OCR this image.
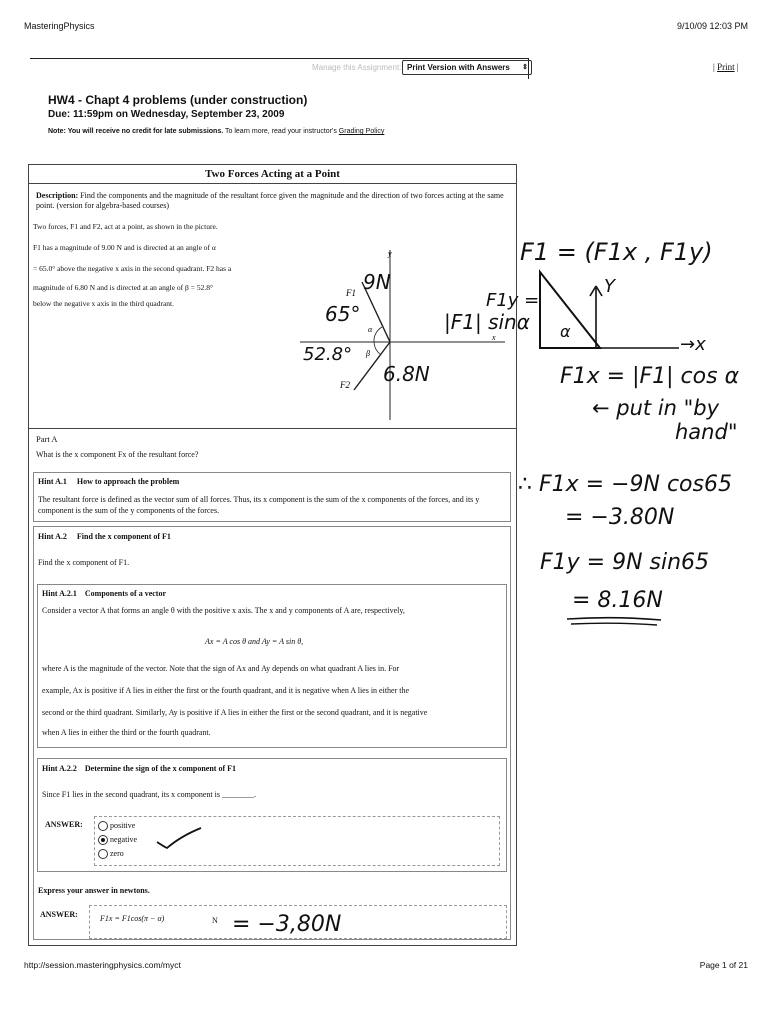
MasteringPhysics	9/10/09 12:03 PM
Manage this Assignment: Print Version with Answers ⇕	| Print |
HW4 - Chapt 4 problems (under construction)
Due: 11:59pm on Wednesday, September 23, 2009
Note: You will receive no credit for late submissions. To learn more, read your instructor's Grading Policy
Two Forces Acting at a Point
Description: Find the components and the magnitude of the resultant force given the magnitude and the direction of two forces acting at the same point. (version for algebra-based courses)
Two forces, F1 and F2, act at a point, as shown in the picture.
F1 has a magnitude of 9.00 N and is directed at an angle of α
= 65.0° above the negative x axis in the second quadrant. F2 has a
magnitude of 6.80 N and is directed at an angle of β = 52.8°
below the negative x axis in the third quadrant.
F1
F2
α
β
x
y
9N
65°
52.8°
6.8N
|F1| sinα
F1 = (F1x , F1y)
F1y =
α
Y
→x
F1x = |F1| cos α
← put in "by
hand"
∴ F1x = −9N cos65
= −3.80N
F1y = 9N sin65
= 8.16N
Part A
What is the x component Fx of the resultant force?
Hint A.1 How to approach the problem
The resultant force is defined as the vector sum of all forces. Thus, its x component is the sum of the x components of the forces, and its y component is the sum of the y components of the forces.
Hint A.2 Find the x component of F1
Find the x component of F1.
Hint A.2.1 Components of a vector
Consider a vector A that forms an angle θ with the positive x axis. The x and y components of A are, respectively,
Ax = A cos θ and Ay = A sin θ,
where A is the magnitude of the vector. Note that the sign of Ax and Ay depends on what quadrant A lies in. For
example, Ax is positive if A lies in either the first or the fourth quadrant, and it is negative when A lies in either the
second or the third quadrant. Similarly, Ay is positive if A lies in either the first or the second quadrant, and it is negative
when A lies in either the third or the fourth quadrant.
Hint A.2.2 Determine the sign of the x component of F1
Since F1 lies in the second quadrant, its x component is ________.
ANSWER:	positive
negative
zero
Express your answer in newtons.
ANSWER:	F1x = F1cos(π − α)	N = −3,80N
http://session.masteringphysics.com/myct	Page 1 of 21
